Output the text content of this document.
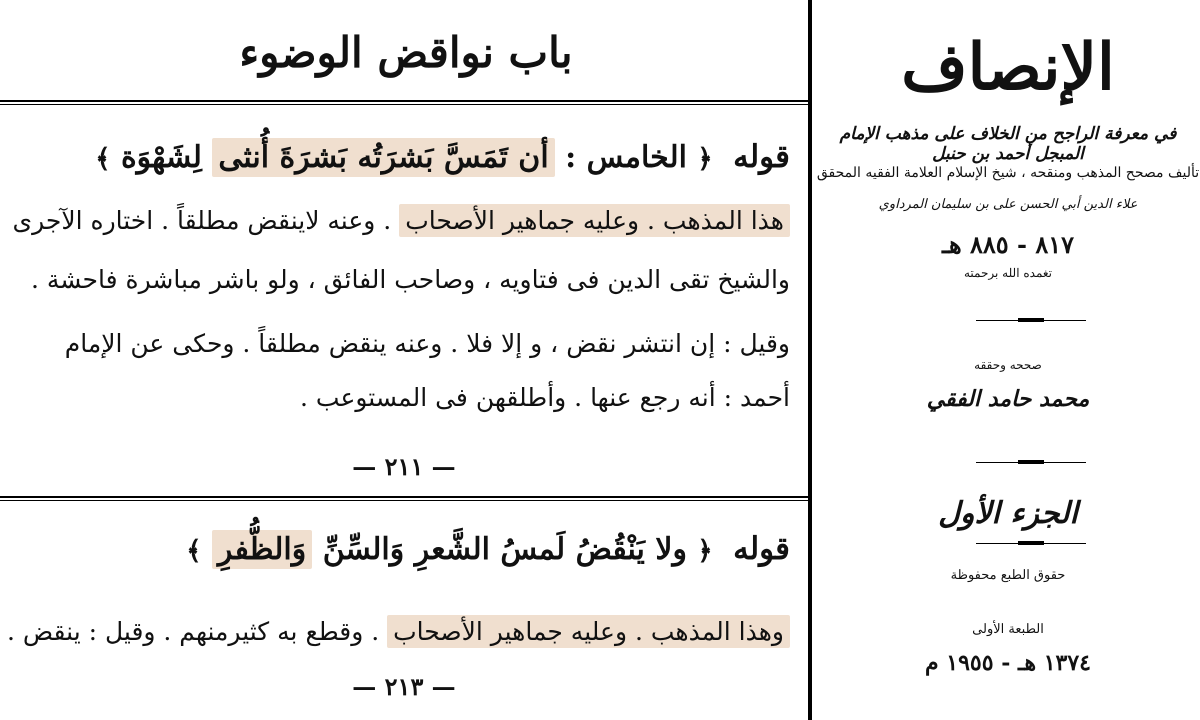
باب نواقض الوضوء
قوله ﴿ الخامس : أن تَمَسَّ بَشرَتُه بَشرَةَ أُنثى لِشَهْوَة ﴾
هذا المذهب . وعليه جماهير الأصحاب . وعنه لاينقض مطلقاً . اختاره الآجرى
والشيخ تقى الدين فى فتاويه ، وصاحب الفائق ، ولو باشر مباشرة فاحشة .
وقيل : إن انتشر نقض ، و إلا فلا . وعنه ينقض مطلقاً . وحكى عن الإمام
أحمد : أنه رجع عنها . وأطلقهن فى المستوعب .
— ٢١١ —
قوله ﴿ ولا يَنْقُضُ لَمسُ الشَّعرِ وَالسِّنِّ وَالظُّفرِ ﴾
وهذا المذهب . وعليه جماهير الأصحاب . وقطع به كثيرمنهم . وقيل : ينقض .
— ٢١٣ —
الإنصاف
في معرفة الراجح من الخلاف على مذهب الإمام المبجل أحمد بن حنبل
تأليف مصحح المذهب ومنقحه ، شيخ الإسلام العلامة الفقيه المحقق
علاء الدين أبي الحسن على بن سليمان المرداوي
٨١٧ - ٨٨٥ هـ
تغمده الله برحمته
صححه وحققه
محمد حامد الفقي
الجزء الأول
حقوق الطبع محفوظة
الطبعة الأولى
١٣٧٤ هـ - ١٩٥٥ م
